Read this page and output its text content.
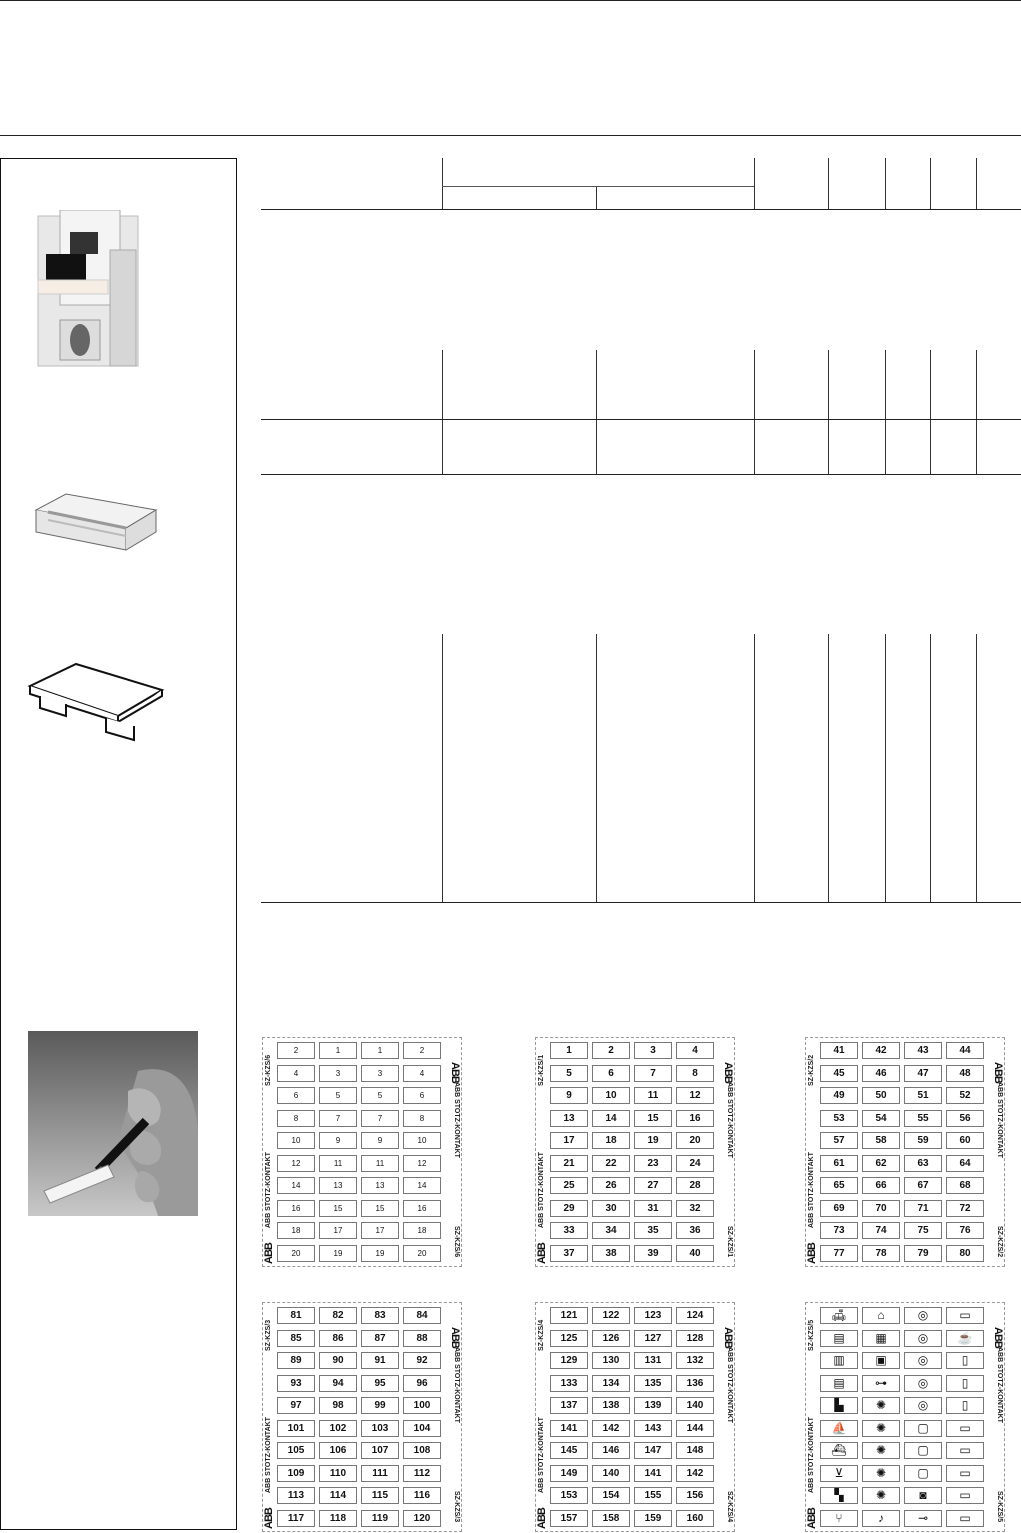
SZ-KZS/6
ABB STOTZ-KONTAKT
ABB
ABB
ABB STOTZ-KONTAKT
SZ-KZS/6
2	1	1	2
4	3	3	4
6	5	5	6
8	7	7	8
10	9	9	10
12	11	11	12
14	13	13	14
16	15	15	16
18	17	17	18
20	19	19	20
SZ-KZS/1
ABB STOTZ-KONTAKT
ABB
ABB
ABB STOTZ-KONTAKT
SZ-KZS/1
1	2	3	4
5	6	7	8
9	10	11	12
13	14	15	16
17	18	19	20
21	22	23	24
25	26	27	28
29	30	31	32
33	34	35	36
37	38	39	40
SZ-KZS/2
ABB STOTZ-KONTAKT
ABB
ABB
ABB STOTZ-KONTAKT
SZ-KZS/2
41	42	43	44
45	46	47	48
49	50	51	52
53	54	55	56
57	58	59	60
61	62	63	64
65	66	67	68
69	70	71	72
73	74	75	76
77	78	79	80
SZ-KZS/3
ABB STOTZ-KONTAKT
ABB
ABB
ABB STOTZ-KONTAKT
SZ-KZS/3
81	82	83	84
85	86	87	88
89	90	91	92
93	94	95	96
97	98	99	100
101	102	103	104
105	106	107	108
109	110	111	112
113	114	115	116
117	118	119	120
SZ-KZS/4
ABB STOTZ-KONTAKT
ABB
ABB
ABB STOTZ-KONTAKT
SZ-KZS/4
121	122	123	124
125	126	127	128
129	130	131	132
133	134	135	136
137	138	139	140
141	142	143	144
145	146	147	148
149	140	141	142
153	154	155	156
157	158	159	160
SZ-KZS/5
ABB STOTZ-KONTAKT
ABB
ABB
ABB STOTZ-KONTAKT
SZ-KZS/5
🛋	⌂	◎	▭
▤	▦	◎	☕
▥	▣	◎	▯
▤	⊶	◎	▯
▙	✺	◎	▯
⛵	✺	▢	▭
⛴	✺	▢	▭
⊻	✺	▢	▭
▚	✺	◙	▭
⑂	♪	⊸	▭
